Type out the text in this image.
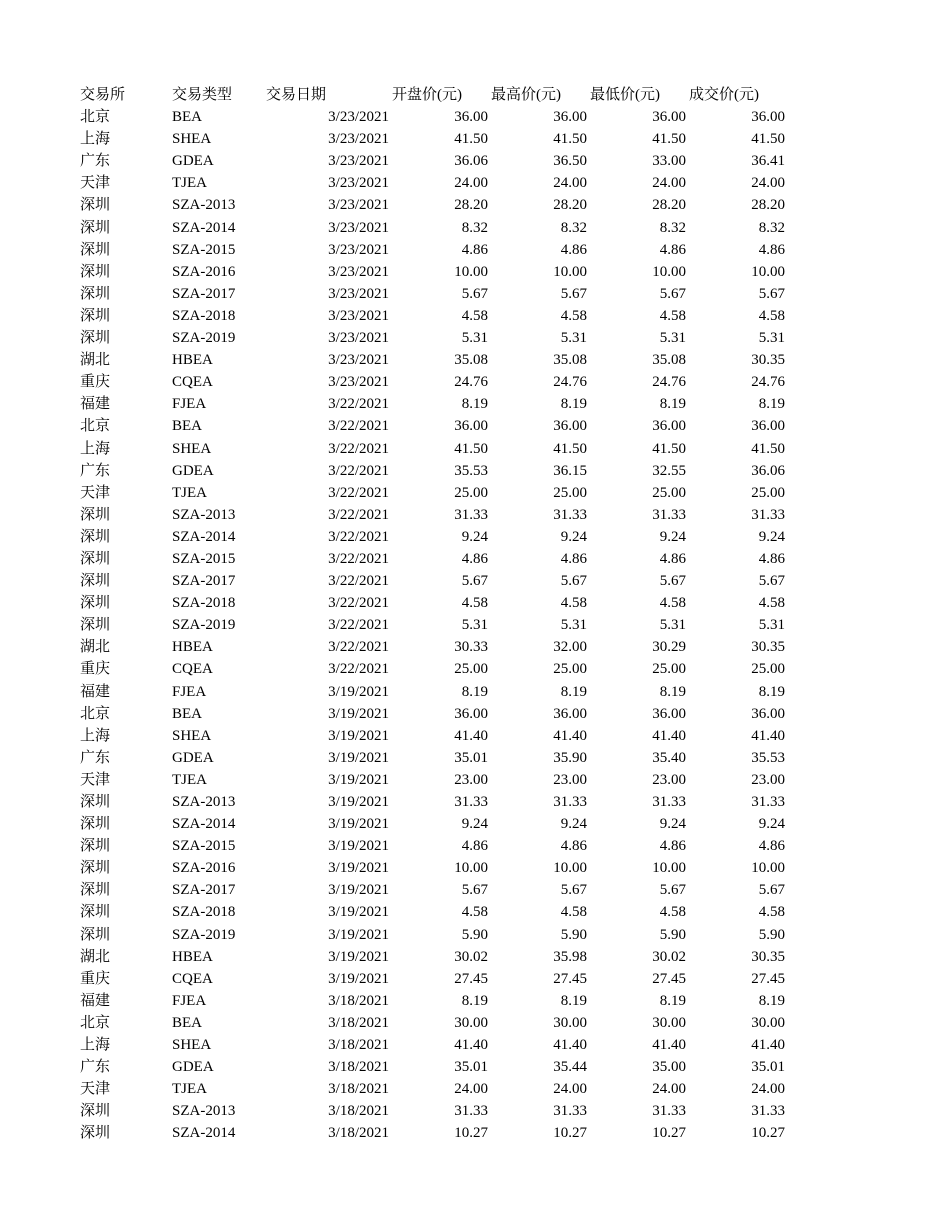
交易所	交易类型	交易日期	开盘价(元)	最高价(元)	最低价(元)	成交价(元)
北京	BEA	3/23/2021	36.00	36.00	36.00	36.00
上海	SHEA	3/23/2021	41.50	41.50	41.50	41.50
广东	GDEA	3/23/2021	36.06	36.50	33.00	36.41
天津	TJEA	3/23/2021	24.00	24.00	24.00	24.00
深圳	SZA-2013	3/23/2021	28.20	28.20	28.20	28.20
深圳	SZA-2014	3/23/2021	8.32	8.32	8.32	8.32
深圳	SZA-2015	3/23/2021	4.86	4.86	4.86	4.86
深圳	SZA-2016	3/23/2021	10.00	10.00	10.00	10.00
深圳	SZA-2017	3/23/2021	5.67	5.67	5.67	5.67
深圳	SZA-2018	3/23/2021	4.58	4.58	4.58	4.58
深圳	SZA-2019	3/23/2021	5.31	5.31	5.31	5.31
湖北	HBEA	3/23/2021	35.08	35.08	35.08	30.35
重庆	CQEA	3/23/2021	24.76	24.76	24.76	24.76
福建	FJEA	3/22/2021	8.19	8.19	8.19	8.19
北京	BEA	3/22/2021	36.00	36.00	36.00	36.00
上海	SHEA	3/22/2021	41.50	41.50	41.50	41.50
广东	GDEA	3/22/2021	35.53	36.15	32.55	36.06
天津	TJEA	3/22/2021	25.00	25.00	25.00	25.00
深圳	SZA-2013	3/22/2021	31.33	31.33	31.33	31.33
深圳	SZA-2014	3/22/2021	9.24	9.24	9.24	9.24
深圳	SZA-2015	3/22/2021	4.86	4.86	4.86	4.86
深圳	SZA-2017	3/22/2021	5.67	5.67	5.67	5.67
深圳	SZA-2018	3/22/2021	4.58	4.58	4.58	4.58
深圳	SZA-2019	3/22/2021	5.31	5.31	5.31	5.31
湖北	HBEA	3/22/2021	30.33	32.00	30.29	30.35
重庆	CQEA	3/22/2021	25.00	25.00	25.00	25.00
福建	FJEA	3/19/2021	8.19	8.19	8.19	8.19
北京	BEA	3/19/2021	36.00	36.00	36.00	36.00
上海	SHEA	3/19/2021	41.40	41.40	41.40	41.40
广东	GDEA	3/19/2021	35.01	35.90	35.40	35.53
天津	TJEA	3/19/2021	23.00	23.00	23.00	23.00
深圳	SZA-2013	3/19/2021	31.33	31.33	31.33	31.33
深圳	SZA-2014	3/19/2021	9.24	9.24	9.24	9.24
深圳	SZA-2015	3/19/2021	4.86	4.86	4.86	4.86
深圳	SZA-2016	3/19/2021	10.00	10.00	10.00	10.00
深圳	SZA-2017	3/19/2021	5.67	5.67	5.67	5.67
深圳	SZA-2018	3/19/2021	4.58	4.58	4.58	4.58
深圳	SZA-2019	3/19/2021	5.90	5.90	5.90	5.90
湖北	HBEA	3/19/2021	30.02	35.98	30.02	30.35
重庆	CQEA	3/19/2021	27.45	27.45	27.45	27.45
福建	FJEA	3/18/2021	8.19	8.19	8.19	8.19
北京	BEA	3/18/2021	30.00	30.00	30.00	30.00
上海	SHEA	3/18/2021	41.40	41.40	41.40	41.40
广东	GDEA	3/18/2021	35.01	35.44	35.00	35.01
天津	TJEA	3/18/2021	24.00	24.00	24.00	24.00
深圳	SZA-2013	3/18/2021	31.33	31.33	31.33	31.33
深圳	SZA-2014	3/18/2021	10.27	10.27	10.27	10.27
